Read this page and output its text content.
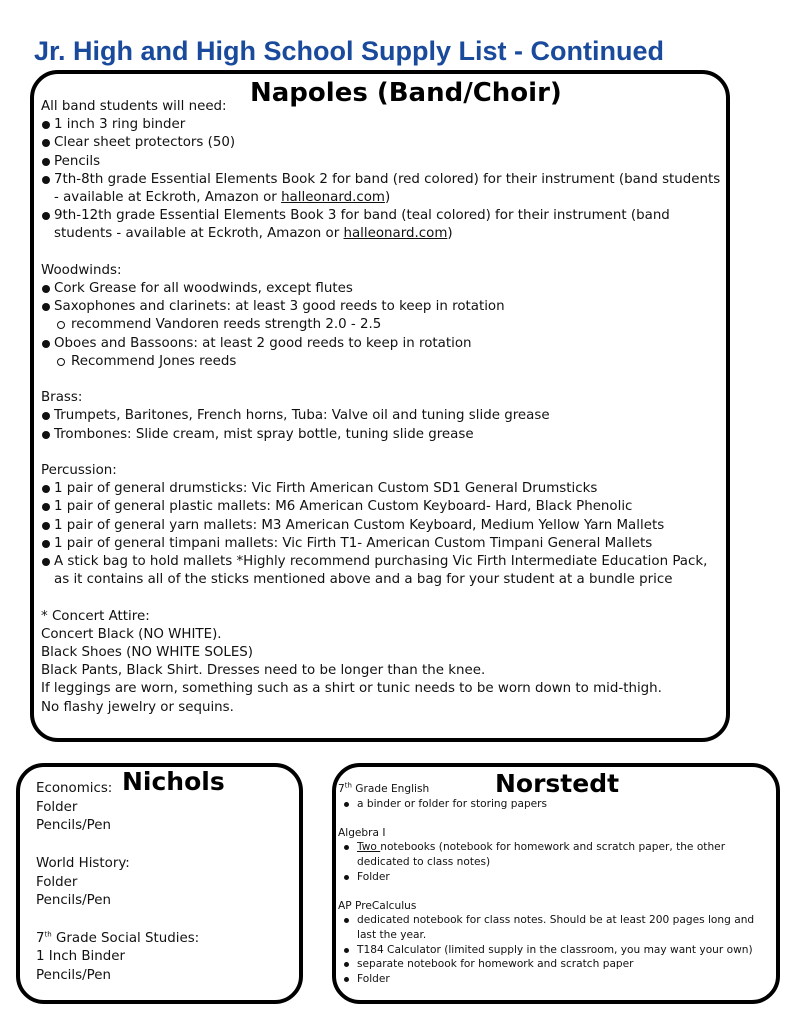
Jr. High and High School Supply List - Continued
Napoles (Band/Choir)
All band students will need:
1 inch 3 ring binder
Clear sheet protectors (50)
Pencils
7th-8th grade Essential Elements Book 2 for band (red colored) for their instrument (band students - available at Eckroth, Amazon or halleonard.com)
9th-12th grade Essential Elements Book 3 for band (teal colored) for their instrument (band students - available at Eckroth, Amazon or halleonard.com)
Woodwinds:
Cork Grease for all woodwinds, except flutes
Saxophones and clarinets: at least 3 good reeds to keep in rotation
recommend Vandoren reeds strength 2.0 - 2.5
Oboes and Bassoons: at least 2 good reeds to keep in rotation
Recommend Jones reeds
Brass:
Trumpets, Baritones, French horns, Tuba: Valve oil and tuning slide grease
Trombones: Slide cream, mist spray bottle, tuning slide grease
Percussion:
1 pair of general drumsticks: Vic Firth American Custom SD1 General Drumsticks
1 pair of general plastic mallets: M6 American Custom Keyboard- Hard, Black Phenolic
1 pair of general yarn mallets: M3 American Custom Keyboard, Medium Yellow Yarn Mallets
1 pair of general timpani mallets: Vic Firth T1- American Custom Timpani General Mallets
A stick bag to hold mallets *Highly recommend purchasing Vic Firth Intermediate Education Pack, as it contains all of the sticks mentioned above and a bag for your student at a bundle price
* Concert Attire:
Concert Black (NO WHITE).
Black Shoes (NO WHITE SOLES)
Black Pants, Black Shirt. Dresses need to be longer than the knee.
If leggings are worn, something such as a shirt or tunic needs to be worn down to mid-thigh.
No flashy jewelry or sequins.
Nichols
Economics:
Folder
Pencils/Pen
World History:
Folder
Pencils/Pen
7th Grade Social Studies:
1 Inch Binder
Pencils/Pen
Norstedt
7th Grade English
a binder or folder for storing papers
Algebra I
Two notebooks (notebook for homework and scratch paper, the other dedicated to class notes)
Folder
AP PreCalculus
dedicated notebook for class notes. Should be at least 200 pages long and last the year.
T184 Calculator (limited supply in the classroom, you may want your own)
separate notebook for homework and scratch paper
Folder
